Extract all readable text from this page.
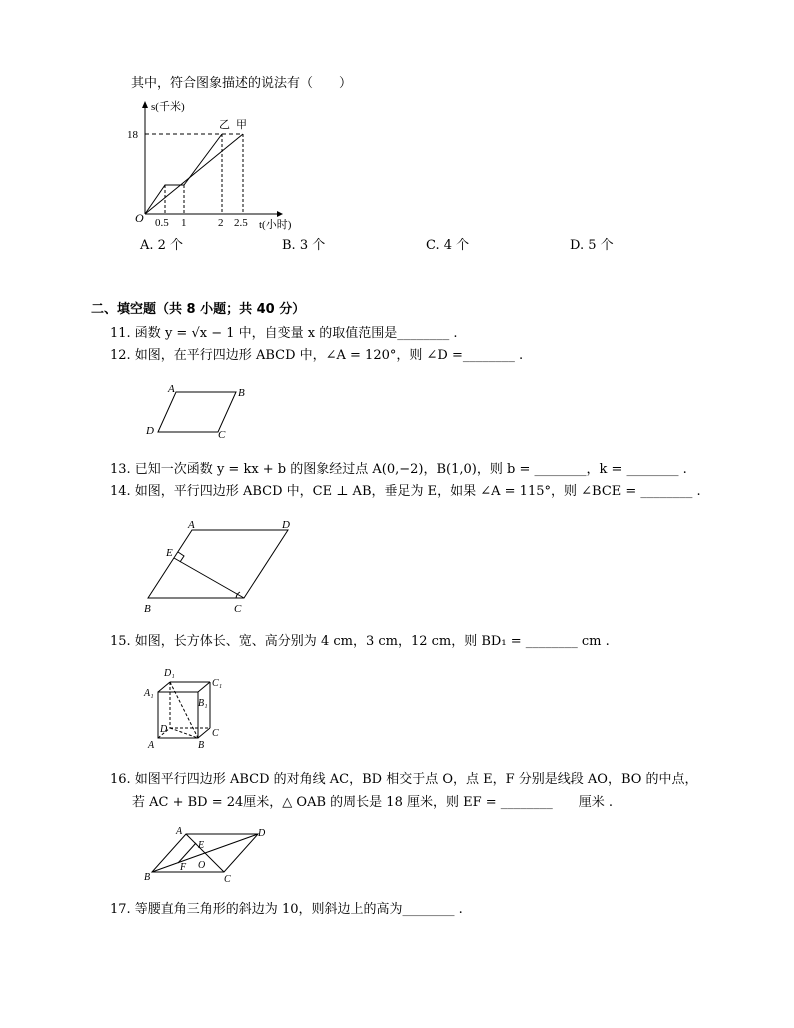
其中，符合图象描述的说法有（　　）
s(千米)
18
O 0.5 1	2 2.5 t(小时)
乙 甲
A. 2 个	B. 3 个	C. 4 个	D. 5 个
二、填空题（共 8 小题；共 40 分）
11. 函数 y = √x − 1 中，自变量 x 的取值范围是________ .
12. 如图，在平行四边形 ABCD 中，∠A = 120°，则 ∠D =________ .
A	B
C
D
13. 已知一次函数 y = kx + b 的图象经过点 A(0,−2)，B(1,0)，则 b = ________，k = ________ .
14. 如图，平行四边形 ABCD 中，CE ⊥ AB，垂足为 E，如果 ∠A = 115°，则 ∠BCE = ________ .
A	D
E
B	C
15. 如图，长方体长、宽、高分别为 4 cm，3 cm，12 cm，则 BD₁ = ________ cm .
D₁
C₁
A₁
B₁
D	C
A	B
16. 如图平行四边形 ABCD 的对角线 AC，BD 相交于点 O，点 E，F 分别是线段 AO，BO 的中点，
若 AC + BD = 24厘米，△ OAB 的周长是 18 厘米，则 EF = ________　　厘米 .
A	D
E
F O
B	C
17. 等腰直角三角形的斜边为 10，则斜边上的高为________ .
